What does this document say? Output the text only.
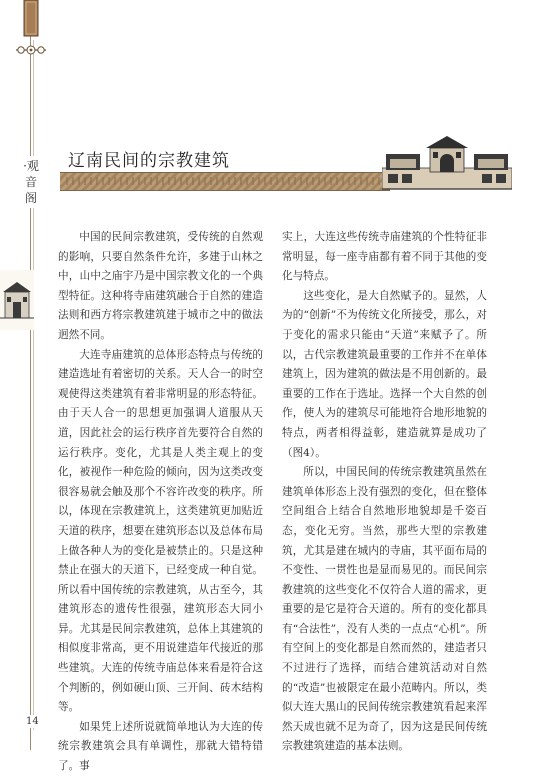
·观音阁
辽南民间的宗教建筑

中国的民间宗教建筑，受传统的自然观的影响，只要自然条件允许，多建于山林之中，山中之庙宇乃是中国宗教文化的一个典型特征。这种将寺庙建筑融合于自然的建造法则和西方将宗教建筑建于城市之中的做法迥然不同。

大连寺庙建筑的总体形态特点与传统的建造选址有着密切的关系。天人合一的时空观使得这类建筑有着非常明显的形态特征。由于天人合一的思想更加强调人道服从天道，因此社会的运行秩序首先要符合自然的运行秩序。变化，尤其是人类主观上的变化，被视作一种危险的倾向，因为这类改变很容易就会触及那个不容许改变的秩序。所以，体现在宗教建筑上，这类建筑更加贴近天道的秩序，想要在建筑形态以及总体布局上做各种人为的变化是被禁止的。只是这种禁止在强大的天道下，已经变成一种自觉。所以看中国传统的宗教建筑，从古至今，其建筑形态的遗传性很强，建筑形态大同小异。尤其是民间宗教建筑，总体上其建筑的相似度非常高，更不用说建造年代接近的那些建筑。大连的传统寺庙总体来看是符合这个判断的，例如硬山顶、三开间、砖木结构等。

如果凭上述所说就简单地认为大连的传统宗教建筑会具有单调性，那就大错特错了。事

实上，大连这些传统寺庙建筑的个性特征非常明显，每一座寺庙都有着不同于其他的变化与特点。

这些变化，是大自然赋予的。显然，人为的“创新”不为传统文化所接受，那么，对于变化的需求只能由“天道”来赋予了。所以，古代宗教建筑最重要的工作并不在单体建筑上，因为建筑的做法是不用创新的。最重要的工作在于选址。选择一个大自然的创作，使人为的建筑尽可能地符合地形地貌的特点，两者相得益彰，建造就算是成功了（图4）。

所以，中国民间的传统宗教建筑虽然在建筑单体形态上没有强烈的变化，但在整体空间组合上结合自然地形地貌却是千姿百态，变化无穷。当然，那些大型的宗教建筑，尤其是建在城内的寺庙，其平面布局的不变性、一贯性也是显而易见的。而民间宗教建筑的这些变化不仅符合人道的需求，更重要的是它是符合天道的。所有的变化都具有“合法性”，没有人类的一点点“心机”。所有空间上的变化都是自然而然的，建造者只不过进行了选择，而结合建筑活动对自然的“改造”也被限定在最小范畴内。所以，类似大连大黑山的民间传统宗教建筑看起来浑然天成也就不足为奇了，因为这是民间传统宗教建筑建造的基本法则。

14
